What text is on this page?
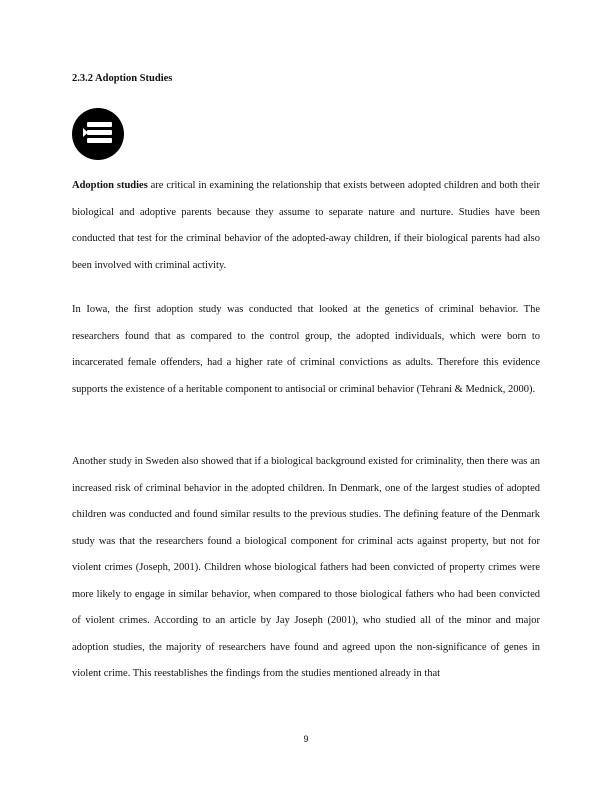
2.3.2 Adoption Studies

Adoption studies are critical in examining the relationship that exists between adopted children and both their biological and adoptive parents because they assume to separate nature and nurture. Studies have been conducted that test for the criminal behavior of the adopted-away children, if their biological parents had also been involved with criminal activity.

In Iowa, the first adoption study was conducted that looked at the genetics of criminal behavior. The researchers found that as compared to the control group, the adopted individuals, which were born to incarcerated female offenders, had a higher rate of criminal convictions as adults. Therefore this evidence supports the existence of a heritable component to antisocial or criminal behavior (Tehrani & Mednick, 2000).

Another study in Sweden also showed that if a biological background existed for criminality, then there was an increased risk of criminal behavior in the adopted children. In Denmark, one of the largest studies of adopted children was conducted and found similar results to the previous studies. The defining feature of the Denmark study was that the researchers found a biological component for criminal acts against property, but not for violent crimes (Joseph, 2001). Children whose biological fathers had been convicted of property crimes were more likely to engage in similar behavior, when compared to those biological fathers who had been convicted of violent crimes. According to an article by Jay Joseph (2001), who studied all of the minor and major adoption studies, the majority of researchers have found and agreed upon the non-significance of genes in violent crime. This reestablishes the findings from the studies mentioned already in that

9
